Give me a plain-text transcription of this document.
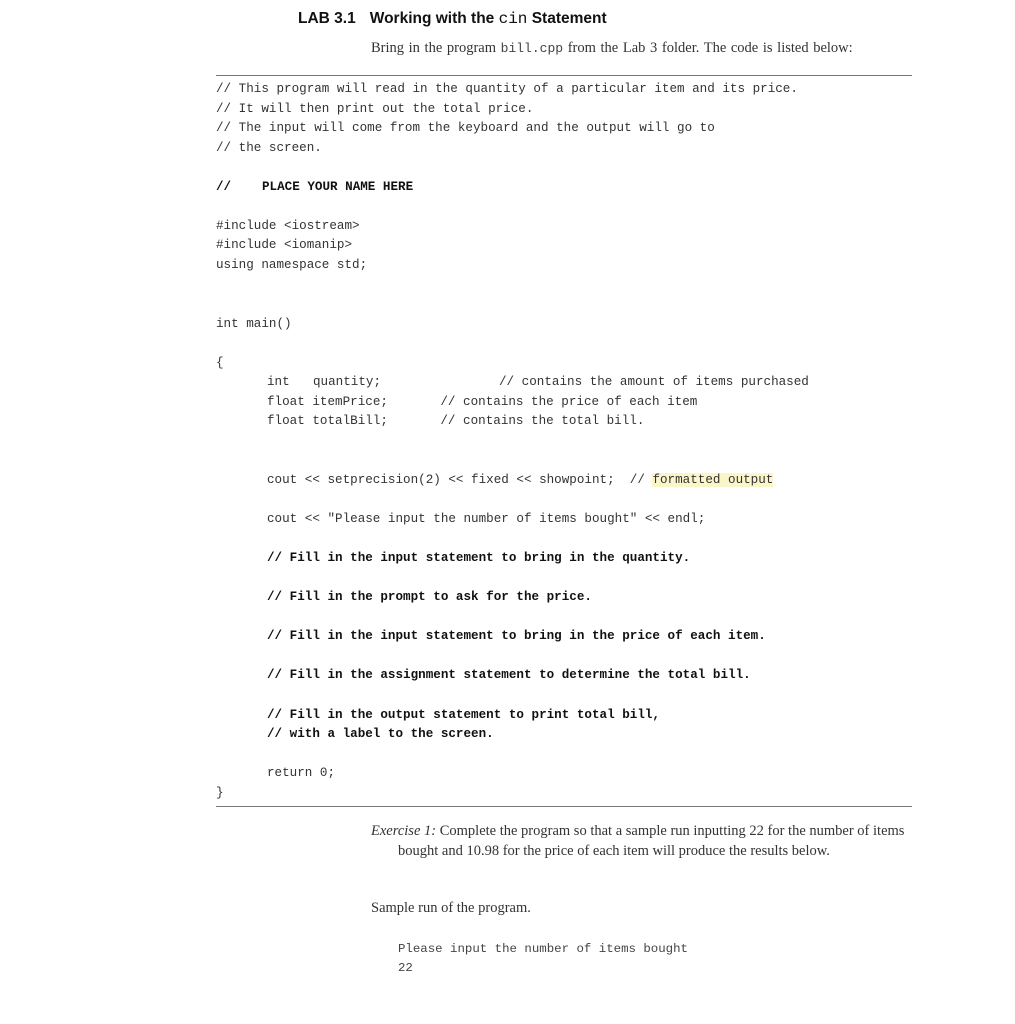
LAB 3.1 Working with the cin Statement
Bring in the program bill.cpp from the Lab 3 folder. The code is listed below:
// This program will read in the quantity of a particular item and its price.
// It will then print out the total price.
// The input will come from the keyboard and the output will go to
// the screen.
// PLACE YOUR NAME HERE
#include <iostream>
#include <iomanip>
using namespace std;
int main()
{
int quantity;	// contains the amount of items purchased
float itemPrice;	// contains the price of each item
float totalBill;	// contains the total bill.
cout << setprecision(2) << fixed << showpoint;  // formatted output
cout << "Please input the number of items bought" << endl;
// Fill in the input statement to bring in the quantity.
// Fill in the prompt to ask for the price.
// Fill in the input statement to bring in the price of each item.
// Fill in the assignment statement to determine the total bill.
// Fill in the output statement to print total bill,
// with a label to the screen.
return 0;
}

Exercise 1: Complete the program so that a sample run inputting 22 for the number of items bought and 10.98 for the price of each item will produce the results below.

Sample run of the program.
Please input the number of items bought
22
